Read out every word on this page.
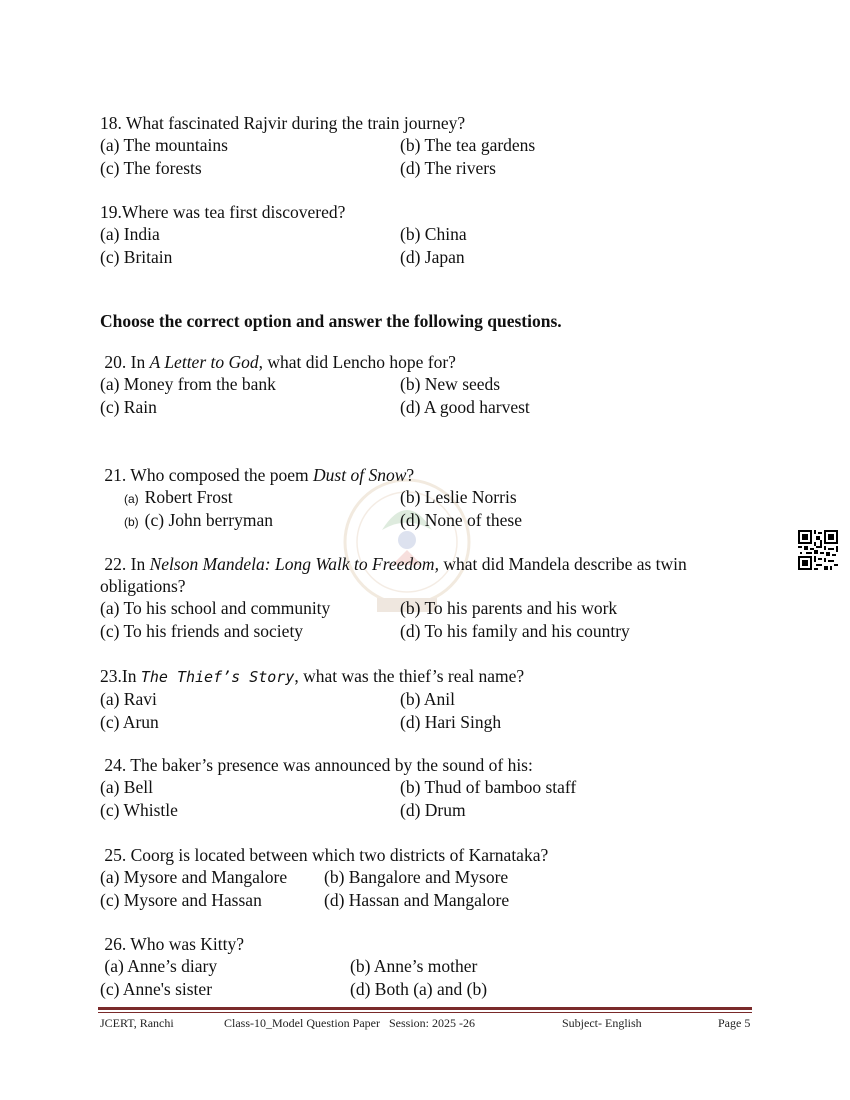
18. What fascinated Rajvir during the train journey?
(a) The mountains	(b) The tea gardens
(c) The forests	(d) The rivers
19.Where was tea first discovered?
(a) India	(b) China
(c) Britain	(d) Japan
Choose the correct option and answer the following questions.
20. In A Letter to God, what did Lencho hope for?
(a) Money from the bank	(b) New seeds
(c) Rain	(d) A good harvest
21. Who composed the poem Dust of Snow?
(a) Robert Frost	(b) Leslie Norris
(b) (c) John berryman	(d) None of these
22. In Nelson Mandela: Long Walk to Freedom, what did Mandela describe as twin obligations?
(a) To his school and community	(b) To his parents and his work
(c) To his friends and society	(d) To his family and his country
23.In The Thief’s Story, what was the thief’s real name?
(a) Ravi	(b) Anil
(c) Arun	(d) Hari Singh
24. The baker’s presence was announced by the sound of his:
(a) Bell	(b) Thud of bamboo staff
(c) Whistle	(d) Drum
25. Coorg is located between which two districts of Karnataka?
(a) Mysore and Mangalore (b) Bangalore and Mysore
(c) Mysore and Hassan	(d) Hassan and Mangalore
26. Who was Kitty?
(a) Anne’s diary	(b) Anne’s mother
(c) Anne's sister	(d) Both (a) and (b)
JCERT, Ranchi	Class-10_Model Question Paper Session: 2025 -26	Subject- English	Page 5
